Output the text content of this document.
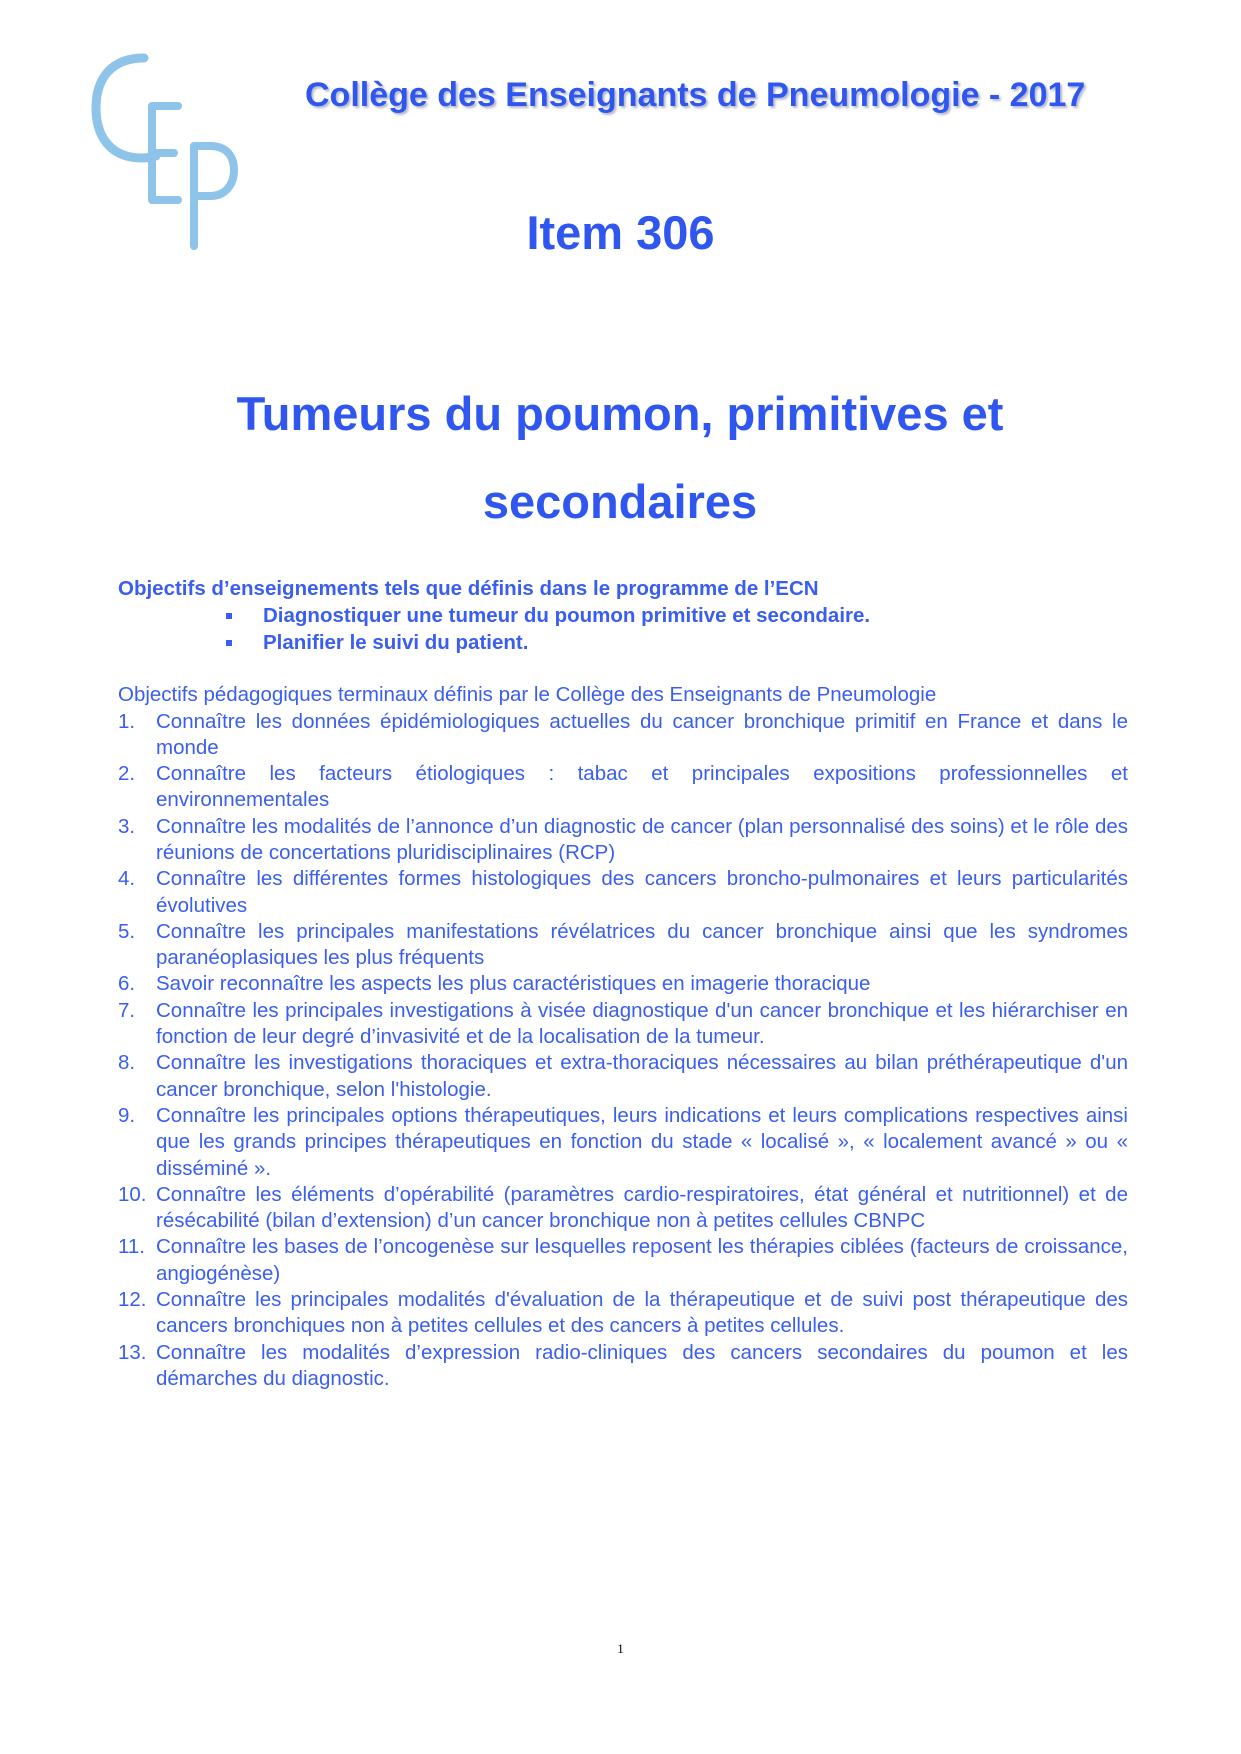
Collège des Enseignants de Pneumologie - 2017
Item 306
Tumeurs du poumon, primitives et
secondaires
Objectifs d’enseignements tels que définis dans le programme de l’ECN
Diagnostiquer une tumeur du poumon primitive et secondaire.
Planifier le suivi du patient.
Objectifs pédagogiques terminaux définis par le Collège des Enseignants de Pneumologie
1. Connaître les données épidémiologiques actuelles du cancer bronchique primitif en France et dans le monde
2. Connaître les facteurs étiologiques : tabac et principales expositions professionnelles et environnementales
3. Connaître les modalités de l’annonce d’un diagnostic de cancer (plan personnalisé des soins) et le rôle des réunions de concertations pluridisciplinaires (RCP)
4. Connaître les différentes formes histologiques des cancers broncho-pulmonaires et leurs particularités évolutives
5. Connaître les principales manifestations révélatrices du cancer bronchique ainsi que les syndromes paranéoplasiques les plus fréquents
6. Savoir reconnaître les aspects les plus caractéristiques en imagerie thoracique
7. Connaître les principales investigations à visée diagnostique d'un cancer bronchique et les hiérarchiser en fonction de leur degré d’invasivité et de la localisation de la tumeur.
8. Connaître les investigations thoraciques et extra-thoraciques nécessaires au bilan préthérapeutique d'un cancer bronchique, selon l'histologie.
9. Connaître les principales options thérapeutiques, leurs indications et leurs complications respectives ainsi que les grands principes thérapeutiques en fonction du stade « localisé », « localement avancé » ou « disséminé ».
10. Connaître les éléments d’opérabilité (paramètres cardio-respiratoires, état général et nutritionnel) et de résécabilité (bilan d’extension) d’un cancer bronchique non à petites cellules CBNPC
11. Connaître les bases de l’oncogenèse sur lesquelles reposent les thérapies ciblées (facteurs de croissance, angiogénèse)
12. Connaître les principales modalités d'évaluation de la thérapeutique et de suivi post thérapeutique des cancers bronchiques non à petites cellules et des cancers à petites cellules.
13. Connaître les modalités d’expression radio-cliniques des cancers secondaires du poumon et les démarches du diagnostic.
1
